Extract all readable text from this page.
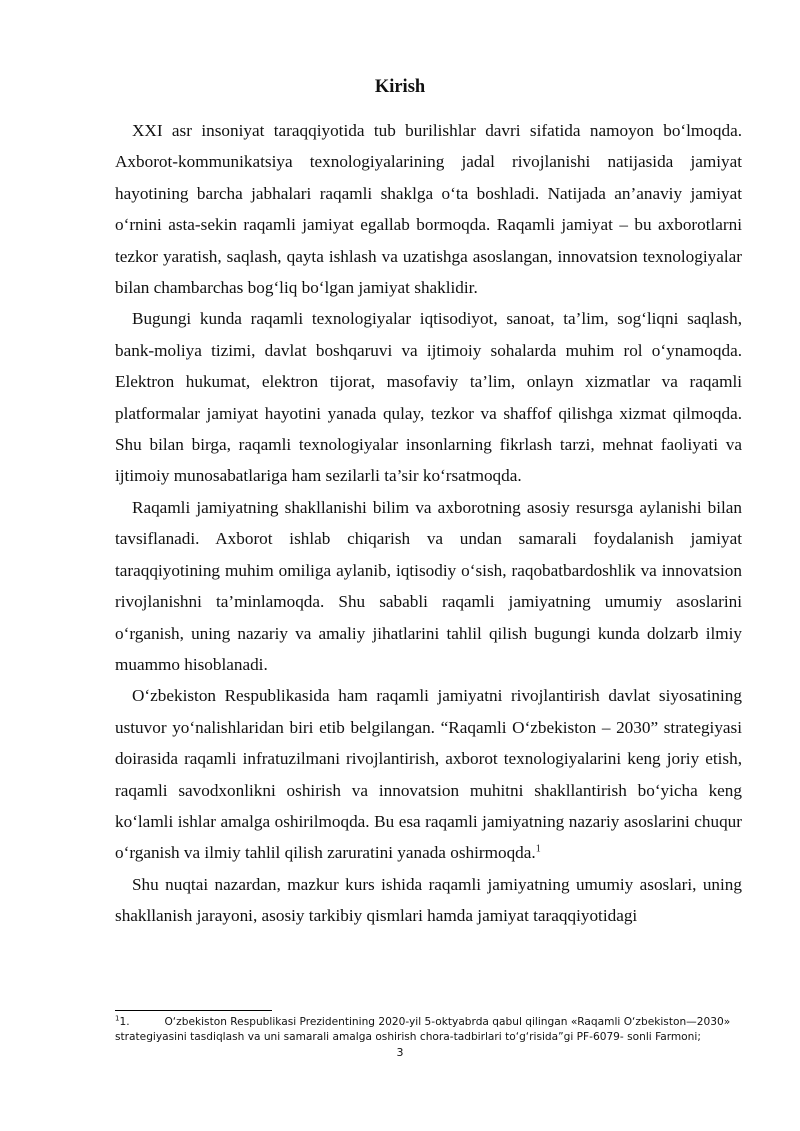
Kirish

XXI asr insoniyat taraqqiyotida tub burilishlar davri sifatida namoyon boʻlmoqda. Axborot-kommunikatsiya texnologiyalarining jadal rivojlanishi natijasida jamiyat hayotining barcha jabhalari raqamli shaklga oʻta boshladi. Natijada an’anaviy jamiyat oʻrnini asta-sekin raqamli jamiyat egallab bormoqda. Raqamli jamiyat – bu axborotlarni tezkor yaratish, saqlash, qayta ishlash va uzatishga asoslangan, innovatsion texnologiyalar bilan chambarchas bogʻliq boʻlgan jamiyat shaklidir.

Bugungi kunda raqamli texnologiyalar iqtisodiyot, sanoat, ta’lim, sogʻliqni saqlash, bank-moliya tizimi, davlat boshqaruvi va ijtimoiy sohalarda muhim rol oʻynamoqda. Elektron hukumat, elektron tijorat, masofaviy ta’lim, onlayn xizmatlar va raqamli platformalar jamiyat hayotini yanada qulay, tezkor va shaffof qilishga xizmat qilmoqda. Shu bilan birga, raqamli texnologiyalar insonlarning fikrlash tarzi, mehnat faoliyati va ijtimoiy munosabatlariga ham sezilarli ta’sir koʻrsatmoqda.

Raqamli jamiyatning shakllanishi bilim va axborotning asosiy resursga aylanishi bilan tavsiflanadi. Axborot ishlab chiqarish va undan samarali foydalanish jamiyat taraqqiyotining muhim omiliga aylanib, iqtisodiy oʻsish, raqobatbardoshlik va innovatsion rivojlanishni ta’minlamoqda. Shu sababli raqamli jamiyatning umumiy asoslarini oʻrganish, uning nazariy va amaliy jihatlarini tahlil qilish bugungi kunda dolzarb ilmiy muammo hisoblanadi.

Oʻzbekiston Respublikasida ham raqamli jamiyatni rivojlantirish davlat siyosatining ustuvor yoʻnalishlaridan biri etib belgilangan. “Raqamli Oʻzbekiston – 2030” strategiyasi doirasida raqamli infratuzilmani rivojlantirish, axborot texnologiyalarini keng joriy etish, raqamli savodxonlikni oshirish va innovatsion muhitni shakllantirish boʻyicha keng koʻlamli ishlar amalga oshirilmoqda. Bu esa raqamli jamiyatning nazariy asoslarini chuqur oʻrganish va ilmiy tahlil qilish zaruratini yanada oshirmoqda.$^1$

Shu nuqtai nazardan, mazkur kurs ishida raqamli jamiyatning umumiy asoslari, uning shakllanish jarayoni, asosiy tarkibiy qismlari hamda jamiyat taraqqiyotidagi

$^1$1.	O‘zbekiston Respublikasi Prezidentining 2020-yil 5-oktyabrda qabul qilingan «Raqamli O‘zbekiston—2030» strategiyasini tasdiqlash va uni samarali amalga oshirish chora-tadbirlari to‘g‘risida”gi PF-6079- sonli Farmoni;

3
